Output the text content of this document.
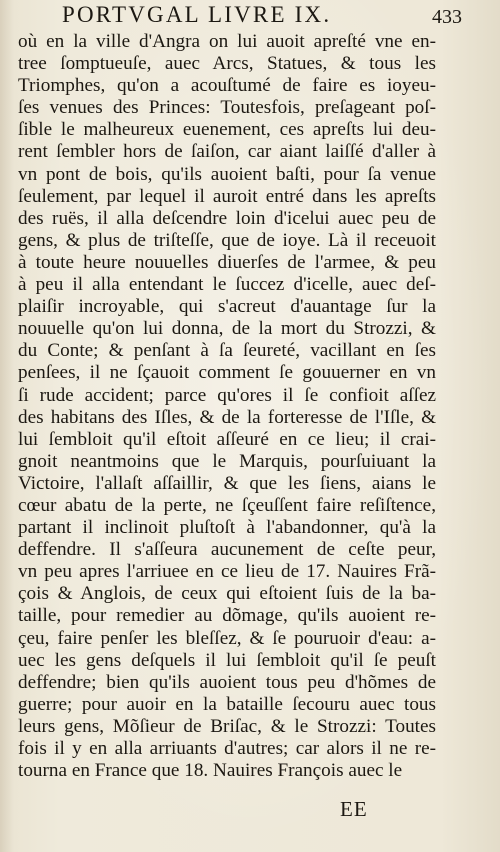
PORTVGAL LIVRE IX.	433
où en la ville d'Angra on lui auoit apreſté vne en-
tree ſomptueuſe, auec Arcs, Statues, & tous les
Triomphes, qu'on a acouſtumé de faire es ioyeu-
ſes venues des Princes: Toutesfois, preſageant poſ-
ſible le malheureux euenement, ces apreſts lui deu-
rent ſembler hors de ſaiſon, car aiant laiſſé d'aller à
vn pont de bois, qu'ils auoient baſti, pour ſa venue
ſeulement, par lequel il auroit entré dans les apreſts
des ruës, il alla deſcendre loin d'icelui auec peu de
gens, & plus de triſteſſe, que de ioye. Là il receuoit
à toute heure nouuelles diuerſes de l'armee, & peu
à peu il alla entendant le ſuccez d'icelle, auec deſ-
plaiſir incroyable, qui s'acreut d'auantage ſur la
nouuelle qu'on lui donna, de la mort du Strozzi, &
du Conte; & penſant à ſa ſeureté, vacillant en ſes
penſees, il ne ſçauoit comment ſe gouuerner en vn
ſi rude accident; parce qu'ores il ſe confioit aſſez
des habitans des Iſles, & de la forteresse de l'Iſle, &
lui ſembloit qu'il eſtoit aſſeuré en ce lieu; il crai-
gnoit neantmoins que le Marquis, pourſuiuant la
Victoire, l'allaſt aſſaillir, & que les ſiens, aians le
cœur abatu de la perte, ne ſçeuſſent faire reſiſtence,
partant il inclinoit pluſtoſt à l'abandonner, qu'à la
deffendre. Il s'aſſeura aucunement de ceſte peur,
vn peu apres l'arriuee en ce lieu de 17. Nauires Frã-
çois & Anglois, de ceux qui eſtoient ſuis de la ba-
taille, pour remedier au dõmage, qu'ils auoient re-
çeu, faire penſer les bleſſez, & ſe pouruoir d'eau: a-
uec les gens deſquels il lui ſembloit qu'il ſe peuſt
deffendre; bien qu'ils auoient tous peu d'hõmes de
guerre; pour auoir en la bataille ſecouru auec tous
leurs gens, Mõſieur de Briſac, & le Strozzi: Toutes
fois il y en alla arriuants d'autres; car alors il ne re-
tourna en France que 18. Nauires François auec le
EE
